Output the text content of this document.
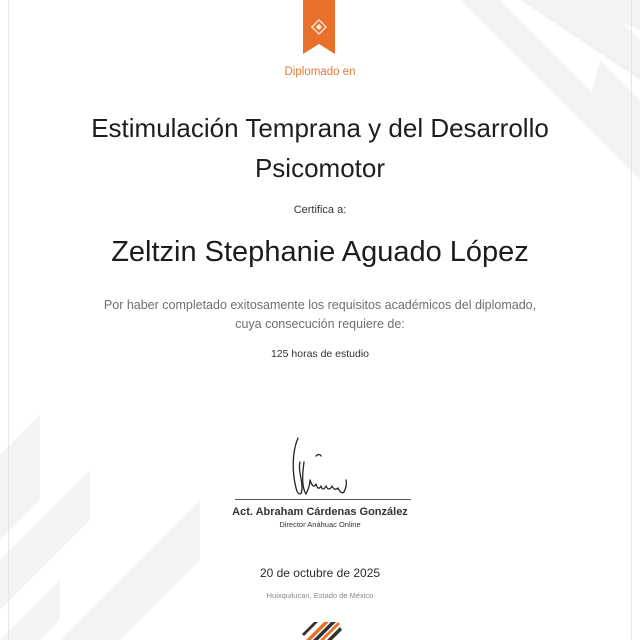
Diplomado en

Estimulación Temprana y del Desarrollo
Psicomotor

Certifica a:

Zeltzin Stephanie Aguado López

Por haber completado exitosamente los requisitos académicos del diplomado,
cuya consecución requiere de:

125 horas de estudio

Act. Abraham Cárdenas González

Director Anáhuac Online

20 de octubre de 2025

Huixquilucan, Estado de México
